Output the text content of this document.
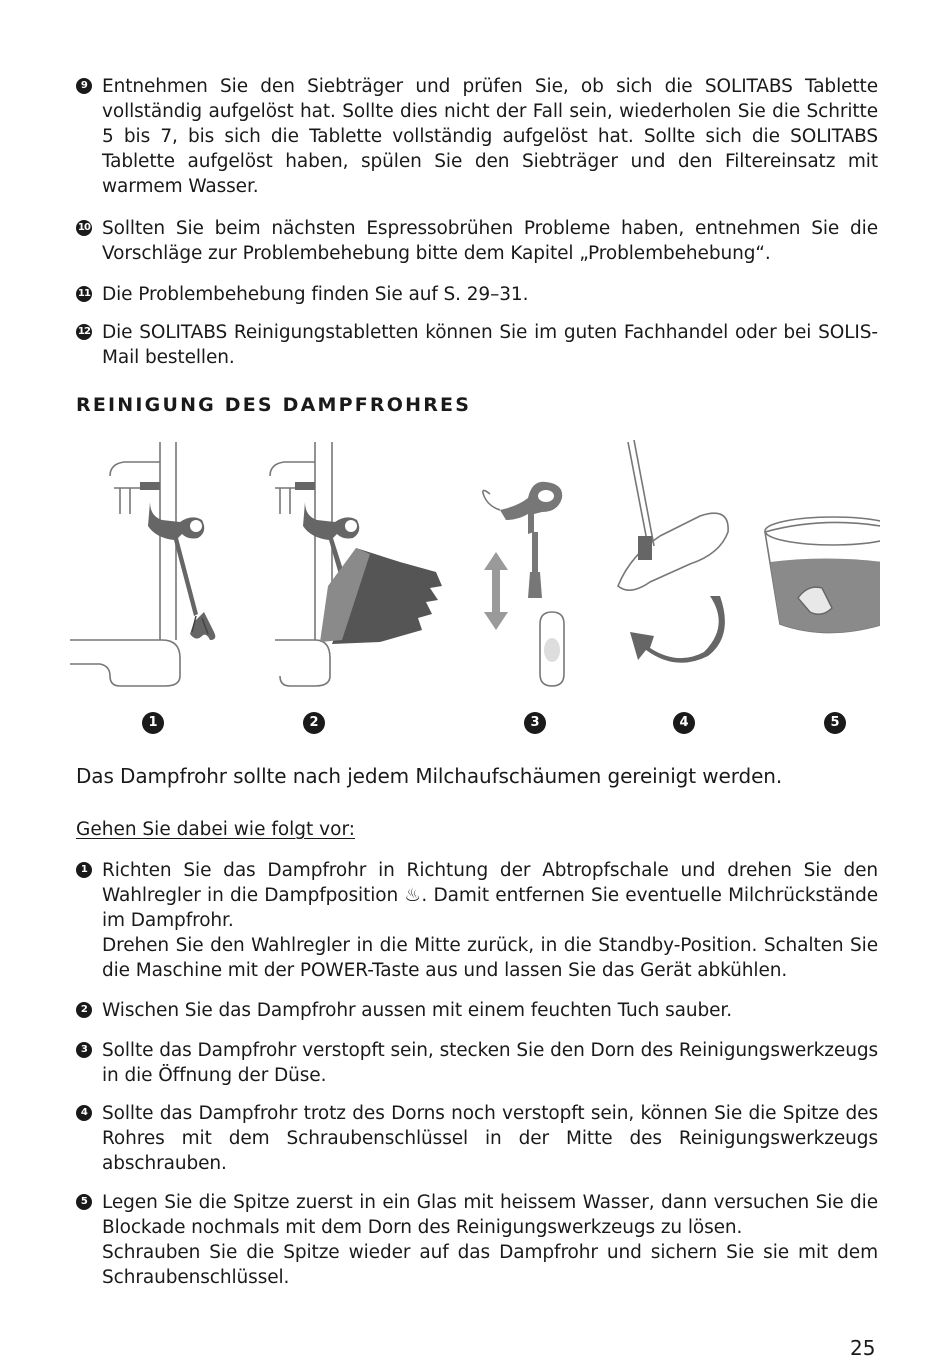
9 Entnehmen Sie den Siebträger und prüfen Sie, ob sich die SOLITABS Tablette vollständig aufgelöst hat. Sollte dies nicht der Fall sein, wiederholen Sie die Schritte 5 bis 7, bis sich die Tablette vollständig aufgelöst hat. Sollte sich die SOLITABS Tablette aufgelöst haben, spülen Sie den Siebträger und den Filtereinsatz mit warmem Wasser.

10 Sollten Sie beim nächsten Espressobrühen Probleme haben, entnehmen Sie die Vorschläge zur Problembehebung bitte dem Kapitel „Problembehebung“.

11 Die Problembehebung finden Sie auf S. 29–31.

12 Die SOLITABS Reinigungstabletten können Sie im guten Fachhandel oder bei SOLIS-Mail bestellen.

REINIGUNG DES DAMPFROHRES
1	2	3	4	5
Das Dampfrohr sollte nach jedem Milchaufschäumen gereinigt werden.
Gehen Sie dabei wie folgt vor:
1 Richten Sie das Dampfrohr in Richtung der Abtropfschale und drehen Sie den Wahlregler in die Dampfposition ♨. Damit entfernen Sie eventuelle Milchrückstände im Dampfrohr.

Drehen Sie den Wahlregler in die Mitte zurück, in die Standby-Position. Schalten Sie die Maschine mit der POWER-Taste aus und lassen Sie das Gerät abkühlen.

2 Wischen Sie das Dampfrohr aussen mit einem feuchten Tuch sauber.

3 Sollte das Dampfrohr verstopft sein, stecken Sie den Dorn des Reinigungswerkzeugs in die Öffnung der Düse.

4 Sollte das Dampfrohr trotz des Dorns noch verstopft sein, können Sie die Spitze des Rohres mit dem Schraubenschlüssel in der Mitte des Reinigungswerkzeugs abschrauben.

5 Legen Sie die Spitze zuerst in ein Glas mit heissem Wasser, dann versuchen Sie die Blockade nochmals mit dem Dorn des Reinigungswerkzeugs zu lösen.

Schrauben Sie die Spitze wieder auf das Dampfrohr und sichern Sie sie mit dem Schraubenschlüssel.

25
